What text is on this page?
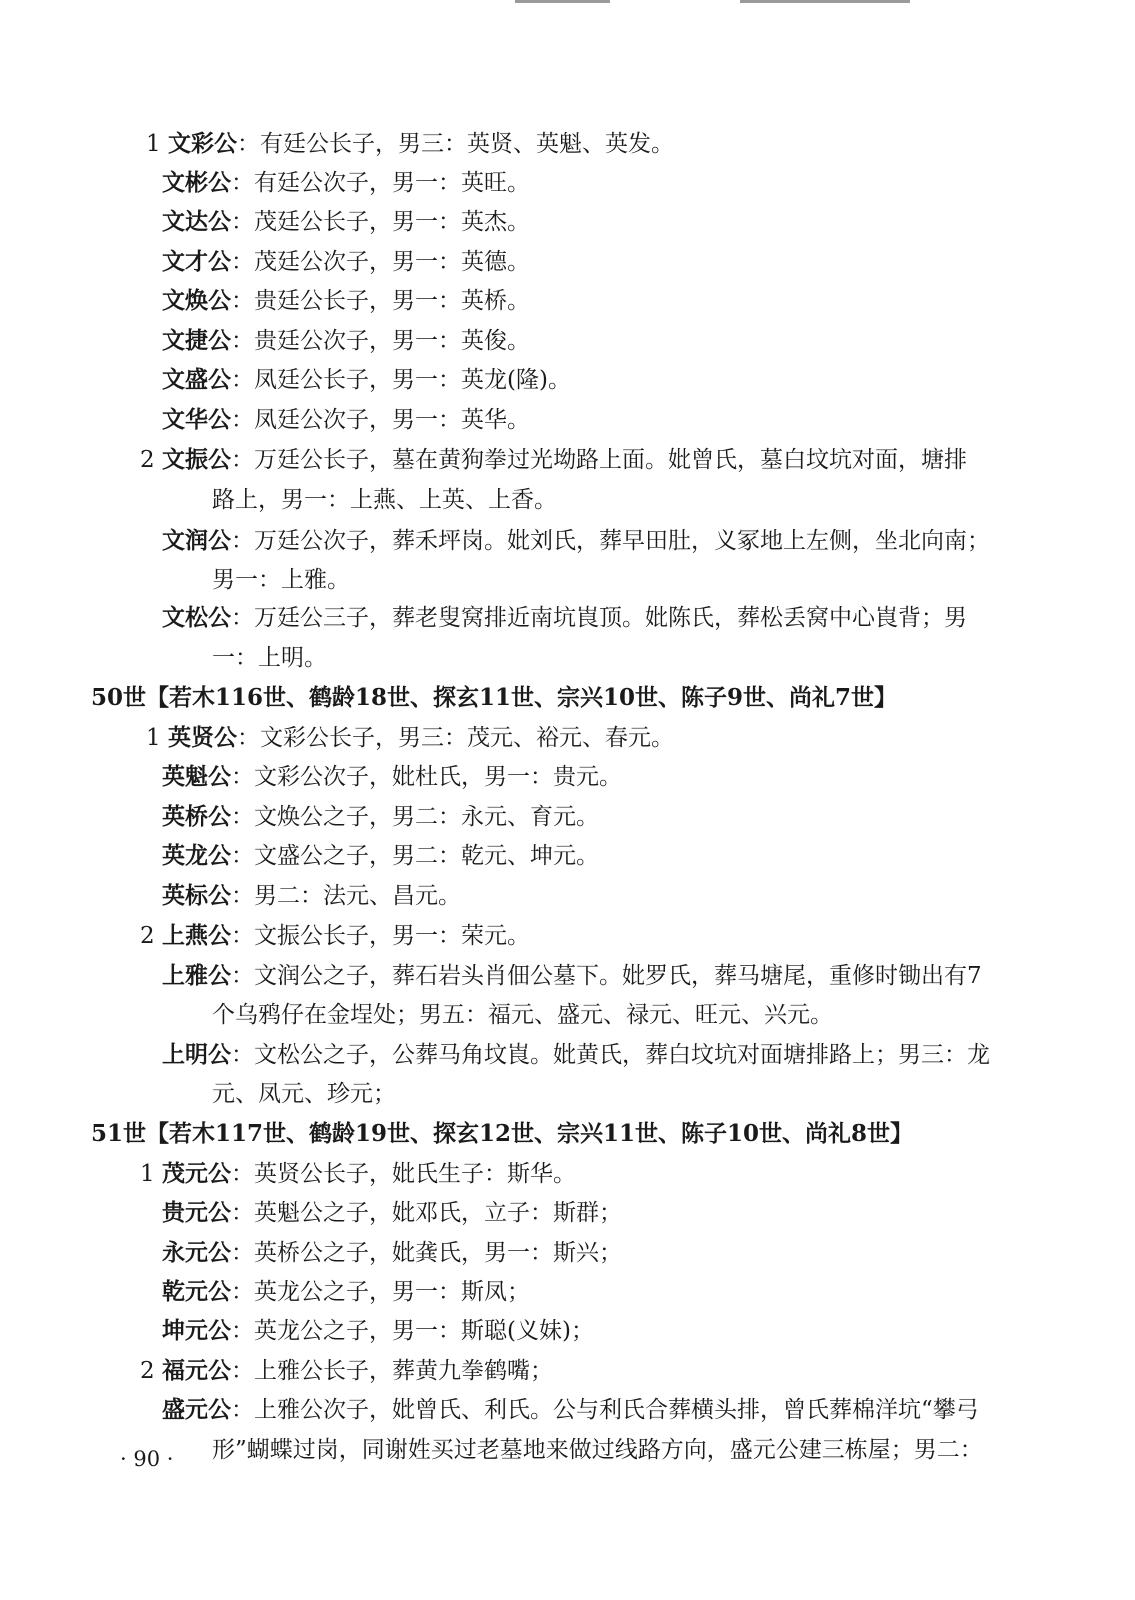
1 文彩公：有廷公长子，男三：英贤、英魁、英发。
文彬公：有廷公次子，男一：英旺。
文达公：茂廷公长子，男一：英杰。
文才公：茂廷公次子，男一：英德。
文焕公：贵廷公长子，男一：英桥。
文捷公：贵廷公次子，男一：英俊。
文盛公：凤廷公长子，男一：英龙(隆)。
文华公：凤廷公次子，男一：英华。
2 文振公：万廷公长子，墓在黄狗拳过光坳路上面。妣曾氏，墓白坟坑对面，塘排
路上，男一：上燕、上英、上香。
文润公：万廷公次子，葬禾坪岗。妣刘氏，葬早田肚，义冢地上左侧，坐北向南；
男一：上雅。
文松公：万廷公三子，葬老叟窝排近南坑崀顶。妣陈氏，葬松丢窝中心崀背；男
一：上明。
50世【若木116世、鹤龄18世、探玄11世、宗兴10世、陈子9世、尚礼7世】
1 英贤公：文彩公长子，男三：茂元、裕元、春元。
英魁公：文彩公次子，妣杜氏，男一：贵元。
英桥公：文焕公之子，男二：永元、育元。
英龙公：文盛公之子，男二：乾元、坤元。
英标公：男二：法元、昌元。
2 上燕公：文振公长子，男一：荣元。
上雅公：文润公之子，葬石岩头肖佃公墓下。妣罗氏，葬马塘尾，重修时锄出有7
个乌鸦仔在金埕处；男五：福元、盛元、禄元、旺元、兴元。
上明公：文松公之子，公葬马角坟崀。妣黄氏，葬白坟坑对面塘排路上；男三：龙
元、凤元、珍元；
51世【若木117世、鹤龄19世、探玄12世、宗兴11世、陈子10世、尚礼8世】
1 茂元公：英贤公长子，妣氏生子：斯华。
贵元公：英魁公之子，妣邓氏，立子：斯群；
永元公：英桥公之子，妣龚氏，男一：斯兴；
乾元公：英龙公之子，男一：斯凤；
坤元公：英龙公之子，男一：斯聪(义妹)；
2 福元公：上雅公长子，葬黄九拳鹤嘴；
盛元公：上雅公次子，妣曾氏、利氏。公与利氏合葬横头排，曾氏葬棉洋坑“攀弓
形”蝴蝶过岗，同谢姓买过老墓地来做过线路方向，盛元公建三栋屋；男二：
· 90 ·
